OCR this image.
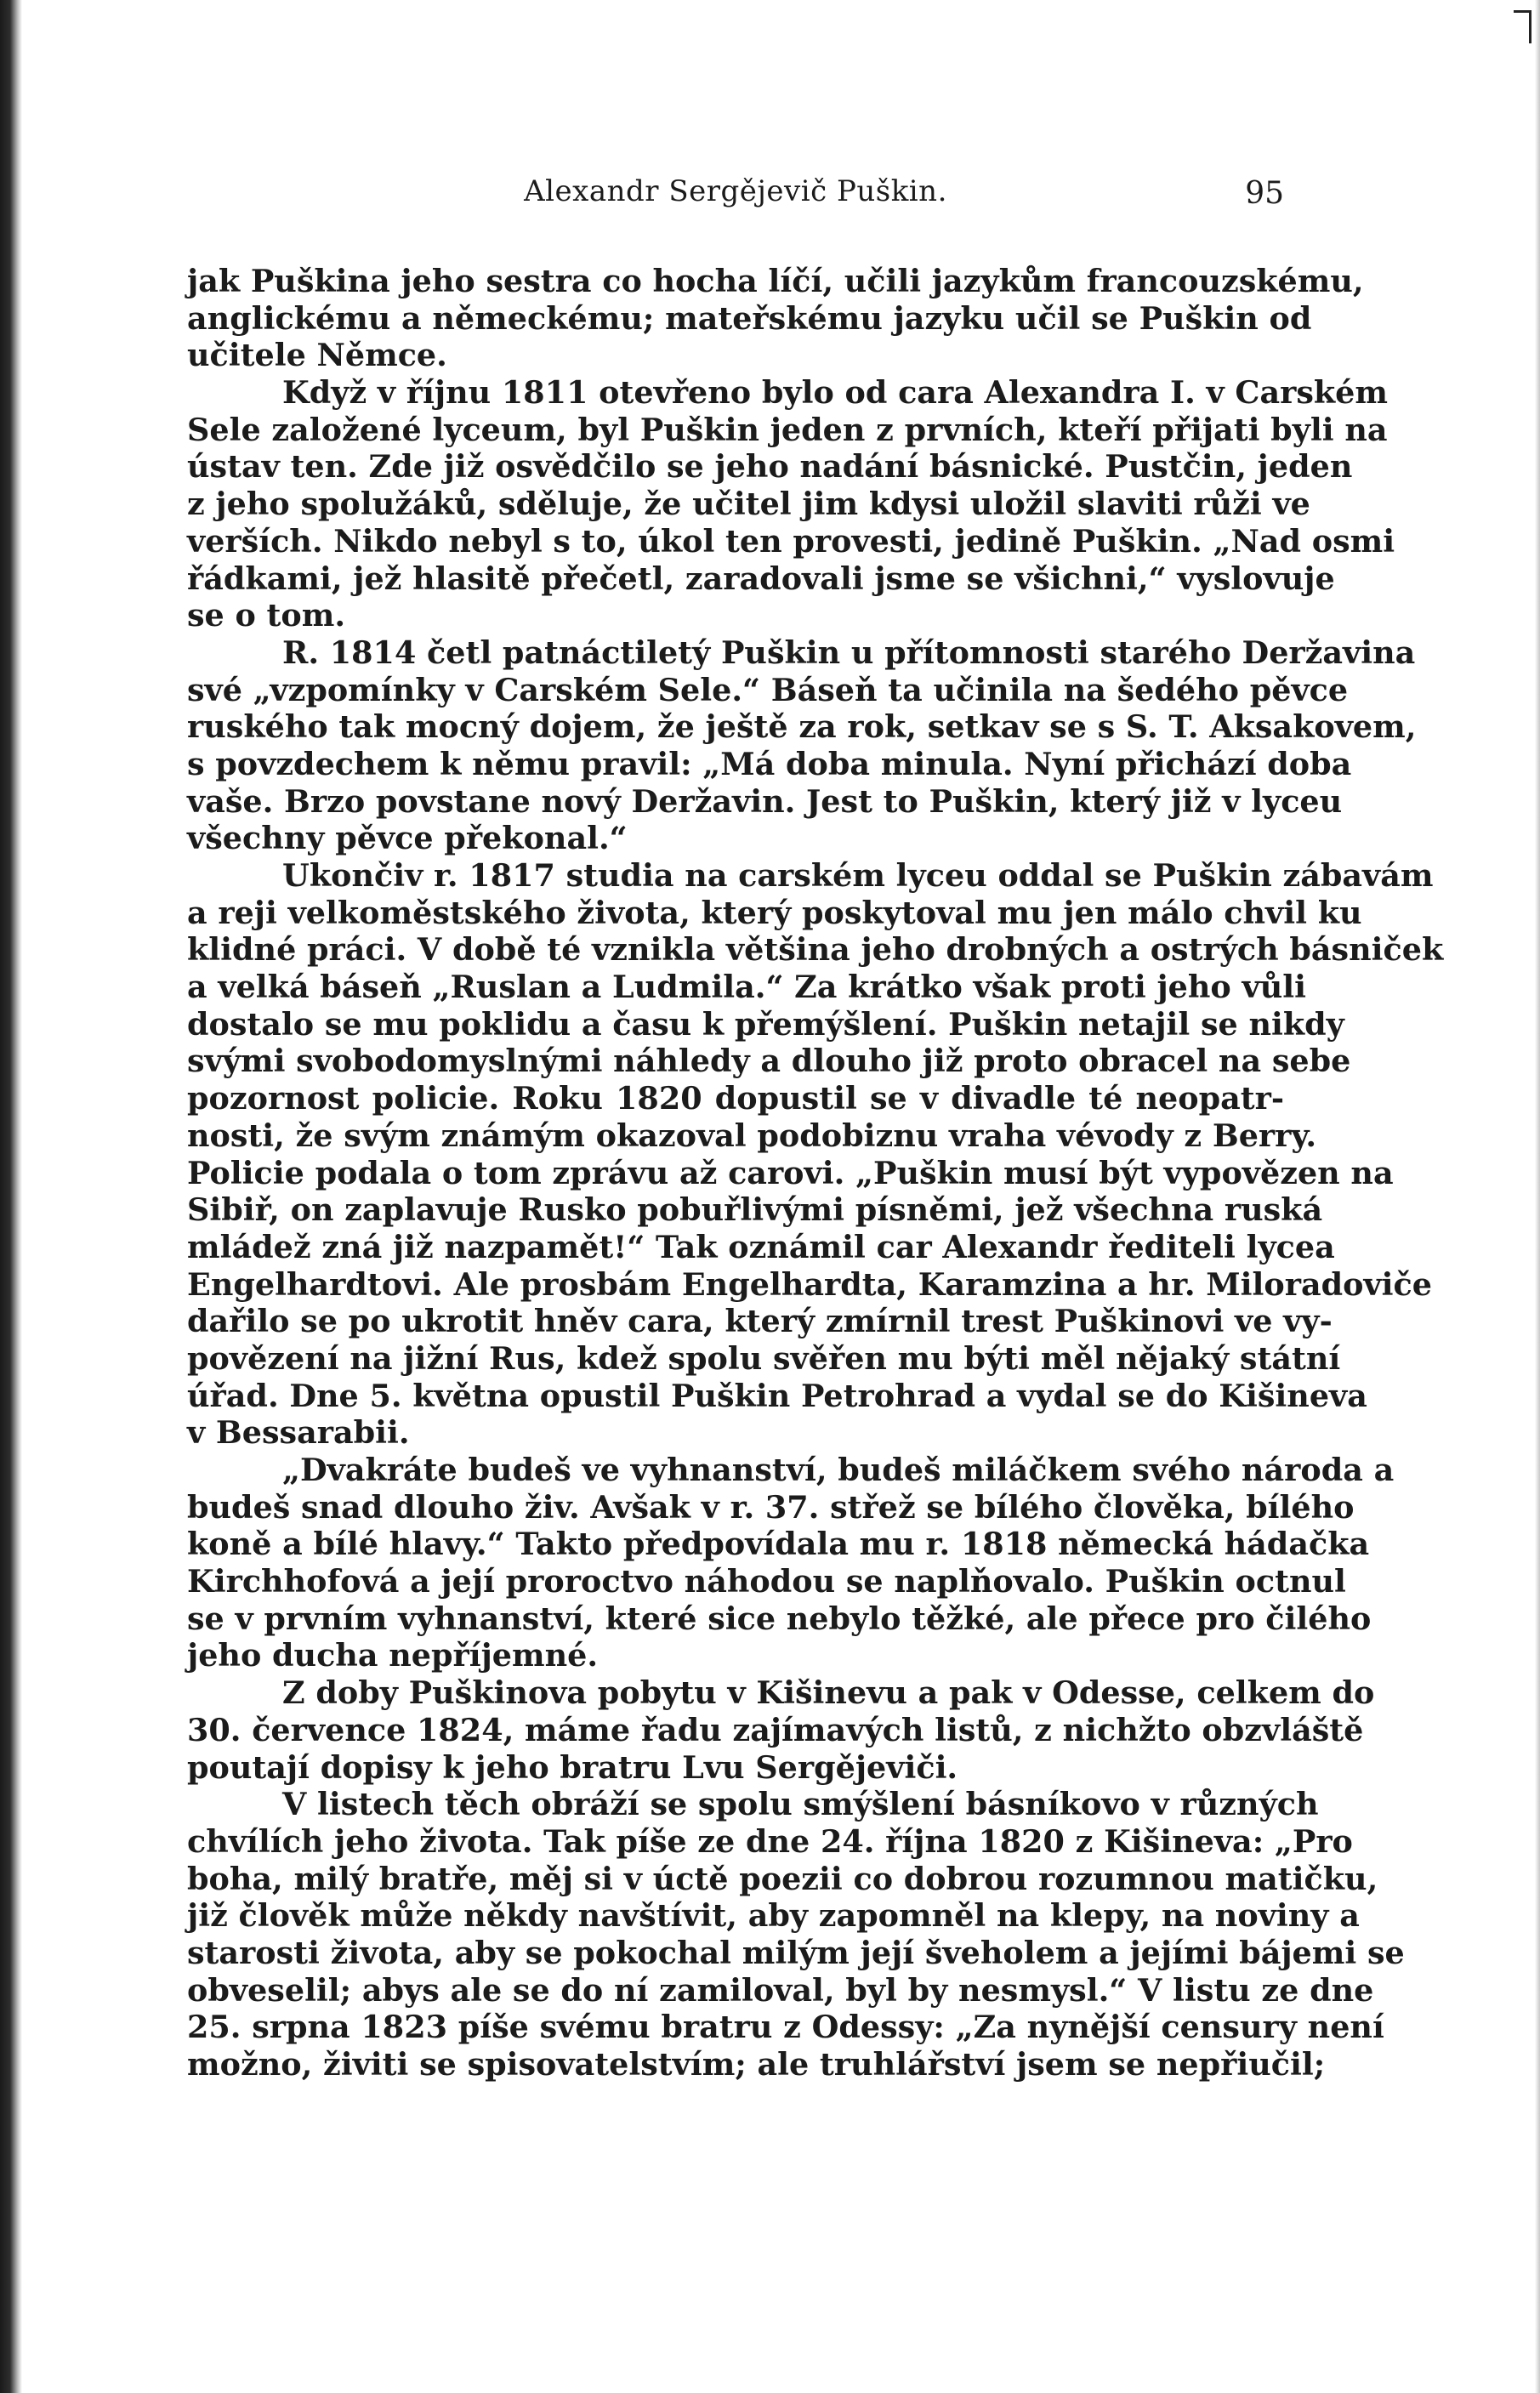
Alexandr Sergějevič Puškin.	95
jak Puškina jeho sestra co hocha líčí, učili jazykům francouzskému,
anglickému a německému; mateřskému jazyku učil se Puškin od
učitele Němce.
Když v říjnu 1811 otevřeno bylo od cara Alexandra I. v Carském
Sele založené lyceum, byl Puškin jeden z prvních, kteří přijati byli na
ústav ten. Zde již osvědčilo se jeho nadání básnické. Pustčin, jeden
z jeho spolužáků, sděluje, že učitel jim kdysi uložil slaviti růži ve
verších. Nikdo nebyl s to, úkol ten provesti, jedině Puškin. „Nad osmi
řádkami, jež hlasitě přečetl, zaradovali jsme se všichni,“ vyslovuje
se o tom.
R. 1814 četl patnáctiletý Puškin u přítomnosti starého Deržavina
své „vzpomínky v Carském Sele.“ Báseň ta učinila na šedého pěvce
ruského tak mocný dojem, že ještě za rok, setkav se s S. T. Aksakovem,
s povzdechem k němu pravil: „Má doba minula. Nyní přichází doba
vaše. Brzo povstane nový Deržavin. Jest to Puškin, který již v lyceu
všechny pěvce překonal.“
Ukončiv r. 1817 studia na carském lyceu oddal se Puškin zábavám
a reji velkoměstského života, který poskytoval mu jen málo chvil ku
klidné práci. V době té vznikla většina jeho drobných a ostrých básniček
a velká báseň „Ruslan a Ludmila.“ Za krátko však proti jeho vůli
dostalo se mu poklidu a času k přemýšlení. Puškin netajil se nikdy
svými svobodomyslnými náhledy a dlouho již proto obracel na sebe
pozornost policie. Roku 1820 dopustil se v divadle té neopatr-
nosti, že svým známým okazoval podobiznu vraha vévody z Berry.
Policie podala o tom zprávu až carovi. „Puškin musí být vypovězen na
Sibiř, on zaplavuje Rusko pobuřlivými písněmi, jež všechna ruská
mládež zná již nazpamět!“ Tak oznámil car Alexandr řediteli lycea
Engelhardtovi. Ale prosbám Engelhardta, Karamzina a hr. Miloradoviče
dařilo se po ukrotit hněv cara, který zmírnil trest Puškinovi ve vy-
povězení na jižní Rus, kdež spolu svěřen mu býti měl nějaký státní
úřad. Dne 5. května opustil Puškin Petrohrad a vydal se do Kišineva
v Bessarabii.
„Dvakráte budeš ve vyhnanství, budeš miláčkem svého národa a
budeš snad dlouho živ. Avšak v r. 37. střež se bílého člověka, bílého
koně a bílé hlavy.“ Takto předpovídala mu r. 1818 německá hádačka
Kirchhofová a její proroctvo náhodou se naplňovalo. Puškin octnul
se v prvním vyhnanství, které sice nebylo těžké, ale přece pro čilého
jeho ducha nepříjemné.
Z doby Puškinova pobytu v Kišinevu a pak v Odesse, celkem do
30. července 1824, máme řadu zajímavých listů, z nichžto obzvláště
poutají dopisy k jeho bratru Lvu Sergějeviči.
V listech těch obráží se spolu smýšlení básníkovo v různých
chvílích jeho života. Tak píše ze dne 24. října 1820 z Kišineva: „Pro
boha, milý bratře, měj si v úctě poezii co dobrou rozumnou matičku,
již člověk může někdy navštívit, aby zapomněl na klepy, na noviny a
starosti života, aby se pokochal milým její šveholem a jejími bájemi se
obveselil; abys ale se do ní zamiloval, byl by nesmysl.“ V listu ze dne
25. srpna 1823 píše svému bratru z Odessy: „Za nynější censury není
možno, živiti se spisovatelstvím; ale truhlářství jsem se nepřiučil;
